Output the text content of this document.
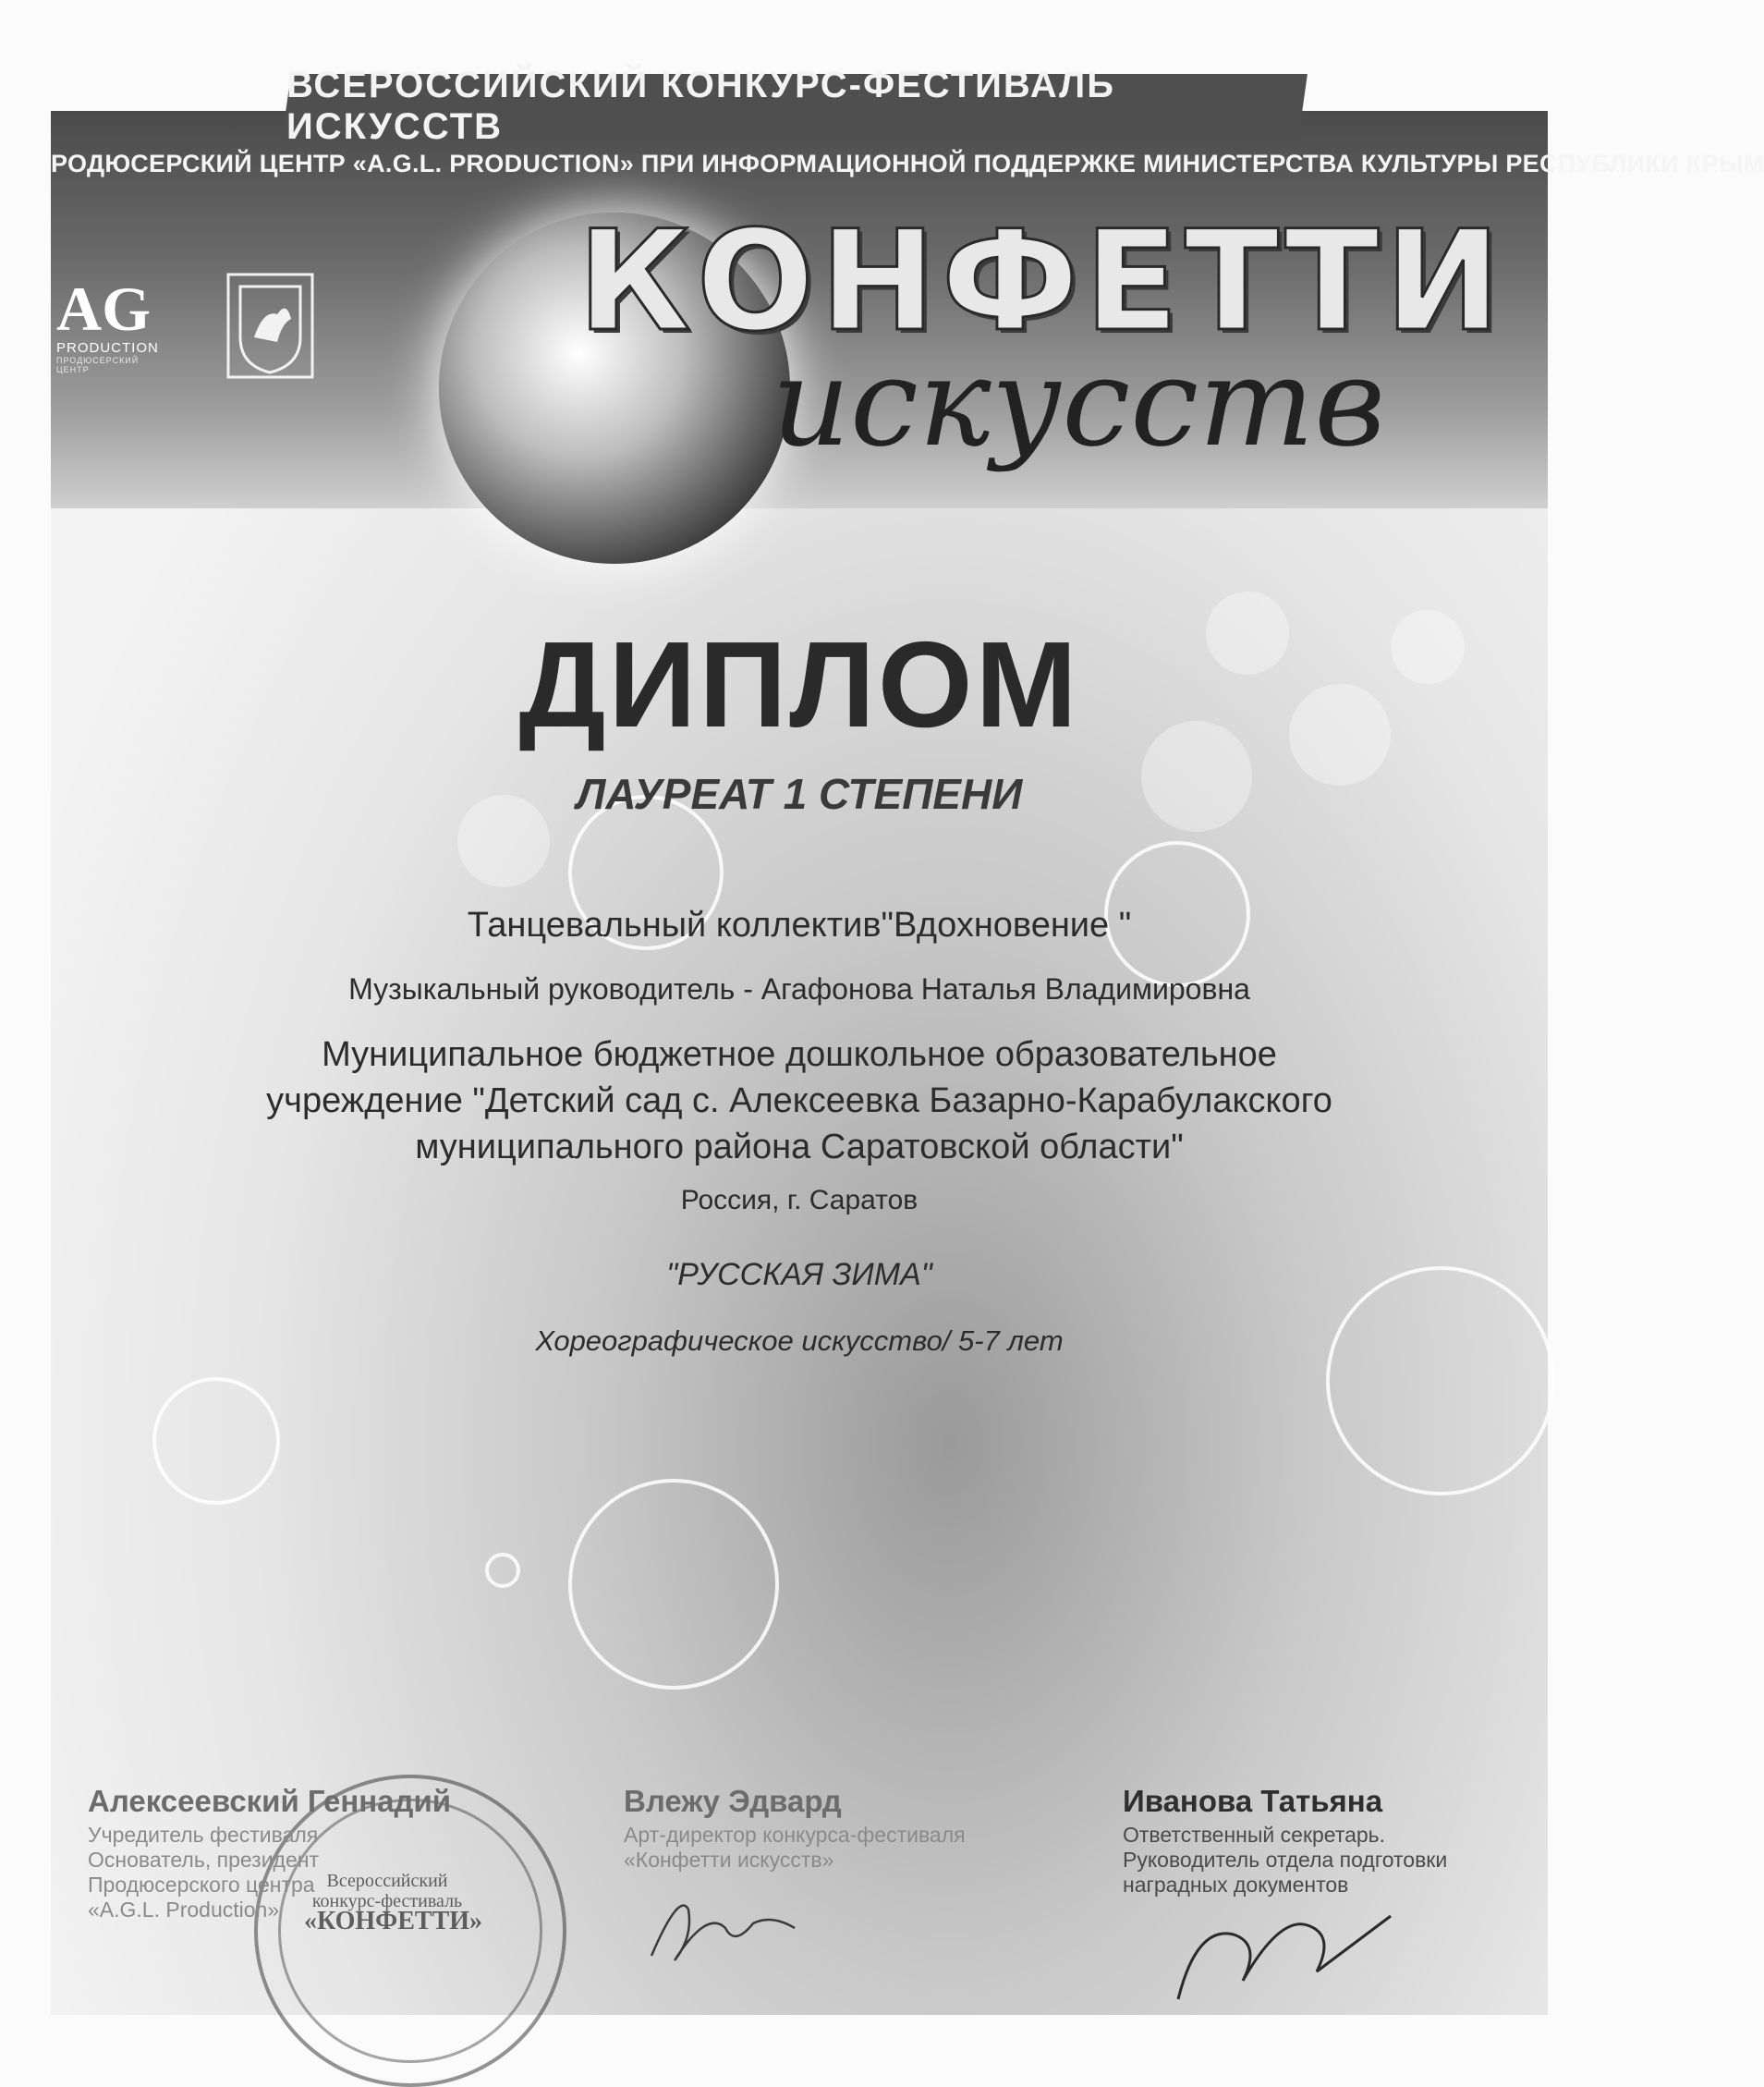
РОДЮСЕРСКИЙ ЦЕНТР «A.G.L. PRODUCTION» ПРИ ИНФОРМАЦИОННОЙ ПОДДЕРЖКЕ МИНИСТЕРСТВА КУЛЬТУРЫ РЕСПУБЛИКИ КРЫМ
AG
PRODUCTION
ПРОДЮСЕРСКИЙ ЦЕНТР
КОНФЕТТИ
искусств
ДИПЛОМ
ЛАУРЕАТ 1 СТЕПЕНИ
Танцевальный коллектив"Вдохновение "
Музыкальный руководитель - Агафонова Наталья Владимировна
Муниципальное бюджетное дошкольное образовательное учреждение "Детский сад с. Алексеевка Базарно-Карабулакского муниципального района Саратовской области"
Россия, г. Саратов
"РУССКАЯ ЗИМА"
Хореографическое искусство/ 5-7 лет
Всероссийский
конкурс-фестиваль
«КОНФЕТТИ»
Алексеевский Геннадий
Учредитель фестиваля
Основатель, президент
Продюсерского центра
«A.G.L. Production»
Влежу Эдвард
Арт-директор конкурса-фестиваля
«Конфетти искусств»
Иванова Татьяна
Ответственный секретарь.
Руководитель отдела подготовки
наградных документов
ВСЕРОССИЙСКИЙ КОНКУРС-ФЕСТИВАЛЬ ИСКУССТВ
